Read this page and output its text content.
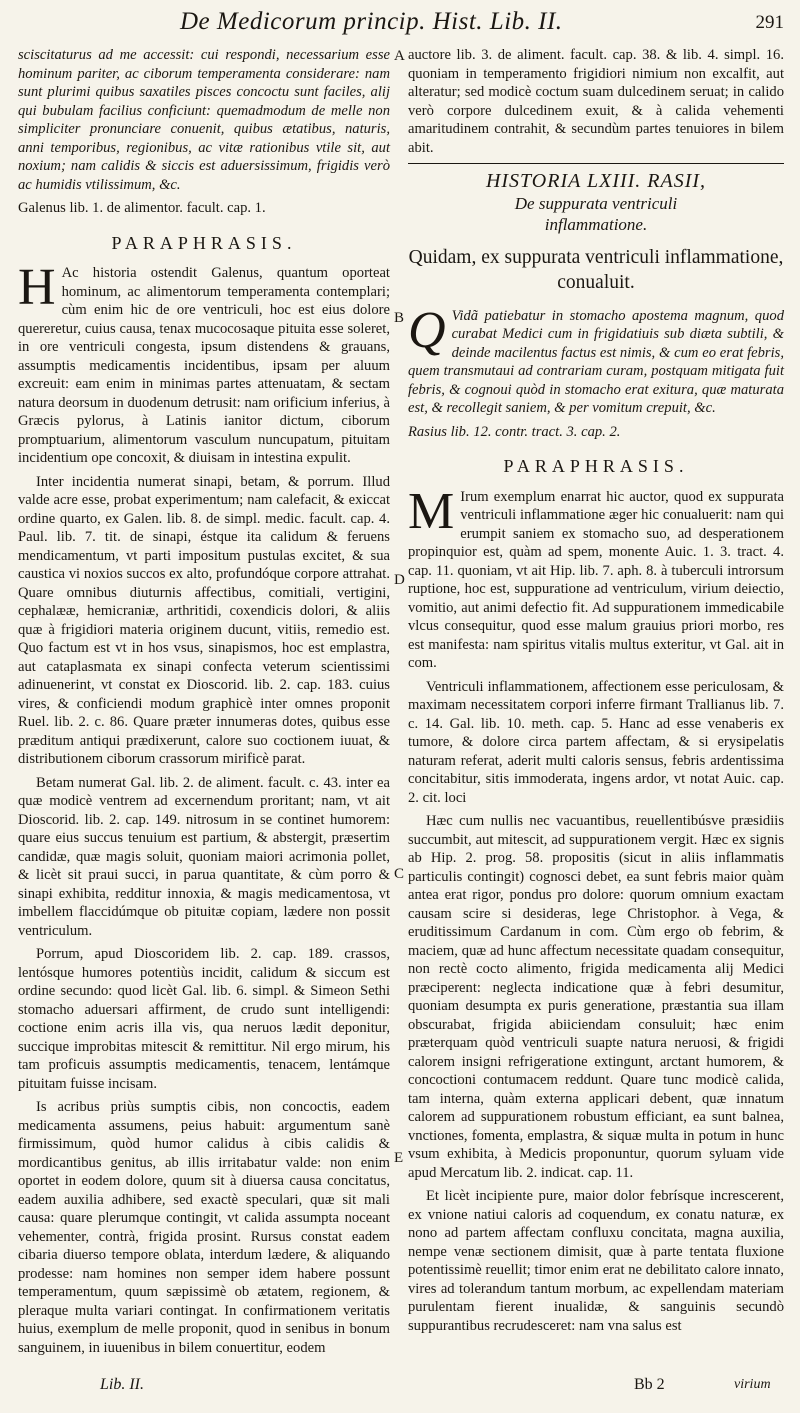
De Medicorum princip. Hist. Lib. II.	291

sciscitaturus ad me accessit: cui respondi, necessarium esse hominum pariter, ac ciborum temperamenta considerare: nam sunt plurimi quibus saxatiles pisces concoctu sunt faciles, alij qui bubulam facilius conficiunt: quemadmodum de melle non simpliciter pronunciare conuenit, quibus ætatibus, naturis, anni temporibus, regionibus, ac vitæ rationibus vtile sit, aut noxium; nam calidis & siccis est aduersissimum, frigidis verò ac humidis vtilissimum, &c.

Galenus lib. 1. de alimentor. facult. cap. 1.

PARAPHRASIS.

H Ac historia ostendit Galenus, quantum oporteat hominum, ac alimentorum temperamenta contemplari; cùm enim hic de ore ventriculi, hoc est eius dolore quereretur, cuius causa, tenax mucocosaque pituita esse soleret, in ore ventriculi congesta, ipsum distendens & grauans, assumptis medicamentis incidentibus, ipsam per aluum excreuit: eam enim in minimas partes attenuatam, & sectam natura deorsum in duodenum detrusit: nam orificium inferius, à Græcis pylorus, à Latinis ianitor dictum, ciborum promptuarium, alimentorum vasculum nuncupatum, pituitam incidentium ope concoxit, & diuisam in intestina expulit.

Inter incidentia numerat sinapi, betam, & porrum. Illud valde acre esse, probat experimentum; nam calefacit, & exiccat ordine quarto, ex Galen. lib. 8. de simpl. medic. facult. cap. 4. Paul. lib. 7. tit. de sinapi, éstque ita calidum & feruens mendicamentum, vt parti impositum pustulas excitet, & sua caustica vi noxios succos ex alto, profundóque corpore attrahat. Quare omnibus diuturnis affectibus, comitiali, vertigini, cephalææ, hemicraniæ, arthritidi, coxendicis dolori, & aliis quæ à frigidiori materia originem ducunt, vitiis, remedio est. Quo factum est vt in hos vsus, sinapismos, hoc est emplastra, aut cataplasmata ex sinapi confecta veterum scientissimi adinuenerint, vt constat ex Dioscorid. lib. 2. cap. 183. cuius vires, & conficiendi modum graphicè inter omnes proponit Ruel. lib. 2. c. 86. Quare præter innumeras dotes, quibus esse præditum antiqui prædixerunt, calore suo coctionem iuuat, & distributionem ciborum crassorum mirificè parat.

Betam numerat Gal. lib. 2. de aliment. facult. c. 43. inter ea quæ modicè ventrem ad excernendum proritant; nam, vt ait Dioscorid. lib. 2. cap. 149. nitrosum in se continet humorem: quare eius succus tenuium est partium, & abstergit, præsertim candidæ, quæ magis soluit, quoniam maiori acrimonia pollet, & licèt sit praui succi, in parua quantitate, & cùm porro & sinapi exhibita, redditur innoxia, & magis medicamentosa, vt imbellem flaccidúmque ob pituitæ copiam, lædere non possit ventriculum.

Porrum, apud Dioscoridem lib. 2. cap. 189. crassos, lentósque humores potentiùs incidit, calidum & siccum est ordine secundo: quod licèt Gal. lib. 6. simpl. & Simeon Sethi stomacho aduersari affirment, de crudo sunt intelligendi: coctione enim acris illa vis, qua neruos lædit deponitur, succique improbitas mitescit & remittitur. Nil ergo mirum, his tam proficuis assumptis medicamentis, tenacem, lentámque pituitam fuisse incisam.

Is acribus priùs sumptis cibis, non concoctis, eadem medicamenta assumens, peius habuit: argumentum sanè firmissimum, quòd humor calidus à cibis calidis & mordicantibus genitus, ab illis irritabatur valde: non enim oportet in eodem dolore, quum sit à diuersa causa concitatus, eadem auxilia adhibere, sed exactè speculari, quæ sit mali causa: quare plerumque contingit, vt calida assumpta noceant vehementer, contrà, frigida prosint. Rursus constat eadem cibaria diuerso tempore oblata, interdum lædere, & aliquando prodesse: nam homines non semper idem habere possunt temperamentum, quum sæpissimè ob ætatem, regionem, & pleraque multa variari contingat. In confirmationem veritatis huius, exemplum de melle proponit, quod in senibus in bonum sanguinem, in iuuenibus in bilem conuertitur, eodem

A
B
C
D
E

auctore lib. 3. de aliment. facult. cap. 38. & lib. 4. simpl. 16. quoniam in temperamento frigidiori nimium non excalfit, aut alteratur; sed modicè coctum suam dulcedinem seruat; in calido verò corpore dulcedinem exuit, & à calida vehementi amaritudinem contrahit, & secundùm partes tenuiores in bilem abit.

HISTORIA LXIII. RASII,
De suppurata ventriculi
inflammatione.
Quidam, ex suppurata ventriculi inflammatione, conualuit.

Q Vidã patiebatur in stomacho apostema magnum, quod curabat Medici cum in frigidatiuis sub diæta subtili, & deinde macilentus factus est nimis, & cum eo erat febris, quem transmutaui ad contrariam curam, postquam mitigata fuit febris, & cognoui quòd in stomacho erat exitura, quæ maturata est, & recollegit saniem, & per vomitum crepuit, &c.

Rasius lib. 12. contr. tract. 3. cap. 2.

PARAPHRASIS.

M Irum exemplum enarrat hic auctor, quod ex suppurata ventriculi inflammatione æger hic conualuerit: nam qui erumpit saniem ex stomacho suo, ad desperationem propinquior est, quàm ad spem, monente Auic. 1. 3. tract. 4. cap. 11. quoniam, vt ait Hip. lib. 7. aph. 8. à tuberculi introrsum ruptione, hoc est, suppuratione ad ventriculum, virium deiectio, vomitio, aut animi defectio fit. Ad suppurationem immedicabile vlcus consequitur, quod esse malum grauius priori morbo, res est manifesta: nam spiritus vitalis multus exteritur, vt Gal. ait in com.

Ventriculi inflammationem, affectionem esse periculosam, & maximam necessitatem corpori inferre firmant Trallianus lib. 7. c. 14. Gal. lib. 10. meth. cap. 5. Hanc ad esse venaberis ex tumore, & dolore circa partem affectam, & si erysipelatis naturam referat, aderit multi caloris sensus, febris ardentissima concitabitur, sitis immoderata, ingens ardor, vt notat Auic. cap. 2. cit. loci

Hæc cum nullis nec vacuantibus, reuellentibúsve præsidiis succumbit, aut mitescit, ad suppurationem vergit. Hæc ex signis ab Hip. 2. prog. 58. propositis (sicut in aliis inflammatis particulis contingit) cognosci debet, ea sunt febris maior quàm antea erat rigor, pondus pro dolore: quorum omnium exactam causam scire si desideras, lege Christophor. à Vega, & eruditissimum Cardanum in com. Cùm ergo ob febrim, & maciem, quæ ad hunc affectum necessitate quadam consequitur, non rectè cocto alimento, frigida medicamenta alij Medici præciperent: neglecta indicatione quæ à febri desumitur, quoniam desumpta ex puris generatione, præstantia sua illam obscurabat, frigida abiiciendam consuluit; hæc enim præterquam quòd ventriculi suapte natura neruosi, & frigidi calorem insigni refrigeratione extingunt, arctant humorem, & concoctioni contumacem reddunt. Quare tunc modicè calida, tam interna, quàm externa applicari debent, quæ innatum calorem ad suppurationem robustum efficiant, ea sunt balnea, vnctiones, fomenta, emplastra, & siquæ multa in potum in hunc vsum exhibita, à Medicis proponuntur, quorum syluam vide apud Mercatum lib. 2. indicat. cap. 11.

Et licèt incipiente pure, maior dolor febrísque increscerent, ex vnione natiui caloris ad coquendum, ex conatu naturæ, ex nono ad partem affectam confluxu concitata, magna auxilia, nempe venæ sectionem dimisit, quæ à parte tentata fluxione potentissimè reuellit; timor enim erat ne debilitato calore innato, vires ad tolerandum tantum morbum, ac expellendam materiam purulentam fierent inualidæ, & sanguinis secundò suppurantibus recrudesceret: nam vna salus est

Lib. II.	Bb 2	virium
